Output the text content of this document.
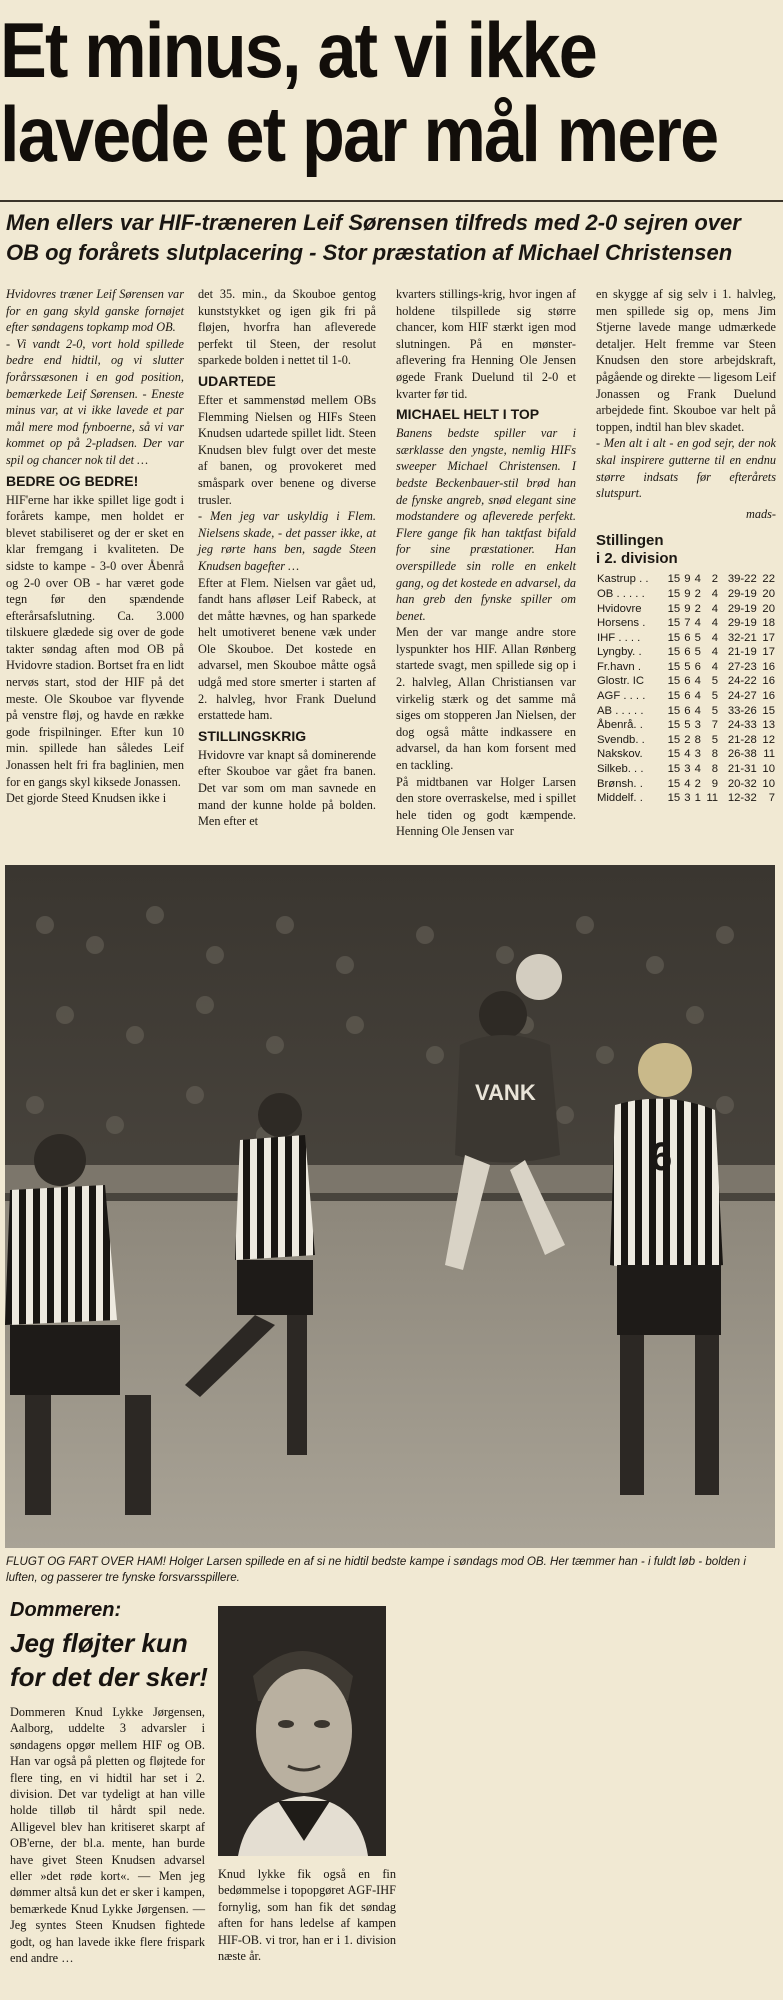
Et minus, at vi ikke
lavede et par mål mere
Men ellers var HIF-træneren Leif Sørensen tilfreds med 2-0 sejren over OB og forårets slutplacering - Stor præstation af Michael Christensen

Hvidovres træner Leif Sørensen var for en gang skyld ganske fornøjet efter søndagens topkamp mod OB.

- Vi vandt 2-0, vort hold spillede bedre end hidtil, og vi slutter forårssæsonen i en god position, bemærkede Leif Sørensen. - Eneste minus var, at vi ikke lavede et par mål mere mod fynboerne, så vi var kommet op på 2-pladsen. Der var spil og chancer nok til det …

BEDRE OG BEDRE!

HIF'erne har ikke spillet lige godt i forårets kampe, men holdet er blevet stabiliseret og der er sket en klar fremgang i kvaliteten. De sidste to kampe - 3-0 over Åbenrå og 2-0 over OB - har været gode tegn før den spændende efterårsafslutning. Ca. 3.000 tilskuere glædede sig over de gode takter søndag aften mod OB på Hvidovre stadion. Bortset fra en lidt nervøs start, stod der HIF på det meste. Ole Skouboe var flyvende på venstre fløj, og havde en række gode frispilninger. Efter kun 10 min. spillede han således Leif Jonassen helt fri fra baglinien, men for en gangs skyl kiksede Jonassen.

Det gjorde Steed Knudsen ikke i

det 35. min., da Skouboe gentog kunststykket og igen gik fri på fløjen, hvorfra han afleverede perfekt til Steen, der resolut sparkede bolden i nettet til 1-0.

UDARTEDE

Efter et sammenstød mellem OBs Flemming Nielsen og HIFs Steen Knudsen udartede spillet lidt. Steen Knudsen blev fulgt over det meste af banen, og provokeret med småspark over benene og diverse trusler.

- Men jeg var uskyldig i Flem. Nielsens skade, - det passer ikke, at jeg rørte hans ben, sagde Steen Knudsen bagefter …

Efter at Flem. Nielsen var gået ud, fandt hans afløser Leif Rabeck, at det måtte hævnes, og han sparkede helt umotiveret benene væk under Ole Skouboe. Det kostede en advarsel, men Skouboe måtte også udgå med store smerter i starten af 2. halvleg, hvor Frank Duelund erstattede ham.

STILLINGSKRIG

Hvidovre var knapt så dominerende efter Skouboe var gået fra banen. Det var som om man savnede en mand der kunne holde på bolden. Men efter et

kvarters stillings-krig, hvor ingen af holdene tilspillede sig større chancer, kom HIF stærkt igen mod slutningen. På en mønster-aflevering fra Henning Ole Jensen øgede Frank Duelund til 2-0 et kvarter før tid.

MICHAEL HELT I TOP

Banens bedste spiller var i særklasse den yngste, nemlig HIFs sweeper Michael Christensen. I bedste Beckenbauer-stil brød han de fynske angreb, snød elegant sine modstandere og afleverede perfekt. Flere gange fik han taktfast bifald for sine præstationer. Han overspillede sin rolle en enkelt gang, og det kostede en advarsel, da han greb den fynske spiller om benet.

Men der var mange andre store lyspunkter hos HIF. Allan Rønberg startede svagt, men spillede sig op i 2. halvleg, Allan Christiansen var virkelig stærk og det samme må siges om stopperen Jan Nielsen, der dog også måtte indkassere en advarsel, da han kom forsent med en tackling.

På midtbanen var Holger Larsen den store overraskelse, med i spillet hele tiden og godt kæmpende. Henning Ole Jensen var

en skygge af sig selv i 1. halvleg, men spillede sig op, mens Jim Stjerne lavede mange udmærkede detaljer. Helt fremme var Steen Knudsen den store arbejdskraft, pågående og direkte — ligesom Leif Jonassen og Frank Duelund arbejdede fint. Skouboe var helt på toppen, indtil han blev skadet.

- Men alt i alt - en god sejr, der nok skal inspirere gutterne til en endnu større indsats før efterårets slutspurt.

mads-

Stillingen
i 2. division
Kastrup . .	15	9	4	2	39-22	22
OB . . . . .	15	9	2	4	29-19	20
Hvidovre	15	9	2	4	29-19	20
Horsens .	15	7	4	4	29-19	18
IHF . . . .	15	6	5	4	32-21	17
Lyngby. .	15	6	5	4	21-19	17
Fr.havn .	15	5	6	4	27-23	16
Glostr. IC	15	6	4	5	24-22	16
AGF . . . .	15	6	4	5	24-27	16
AB . . . . .	15	6	4	5	33-26	15
Åbenrå. .	15	5	3	7	24-33	13
Svendb. .	15	2	8	5	21-28	12
Nakskov.	15	4	3	8	26-38	11
Silkeb. . .	15	3	4	8	21-31	10
Brønsh. .	15	4	2	9	20-32	10
Middelf. .	15	3	1	11	12-32	7
VANK
6
FLUGT OG FART OVER HAM! Holger Larsen spillede en af si ne hidtil bedste kampe i søndags mod OB. Her tæmmer han - i fuldt løb - bolden i luften, og passerer tre fynske forsvarsspillere.
Dommeren:
Jeg fløjter kun
for det der sker!
Dommeren Knud Lykke Jørgensen, Aalborg, uddelte 3 advarsler i søndagens opgør mellem HIF og OB. Han var også på pletten og fløjtede for flere ting, en vi hidtil har set i 2. division. Det var tydeligt at han ville holde tilløb til hårdt spil nede. Alligevel blev han kritiseret skarpt af OB'erne, der bl.a. mente, han burde have givet Steen Knudsen advarsel eller »det røde kort«. — Men jeg dømmer altså kun det er sker i kampen, bemærkede Knud Lykke Jørgensen. — Jeg syntes Steen Knudsen fightede godt, og han lavede ikke flere frispark end andre …
Knud lykke fik også en fin bedømmelse i topopgøret AGF-IHF fornylig, som han fik det søndag aften for hans ledelse af kampen HIF-OB. vi tror, han er i 1. division næste år.
